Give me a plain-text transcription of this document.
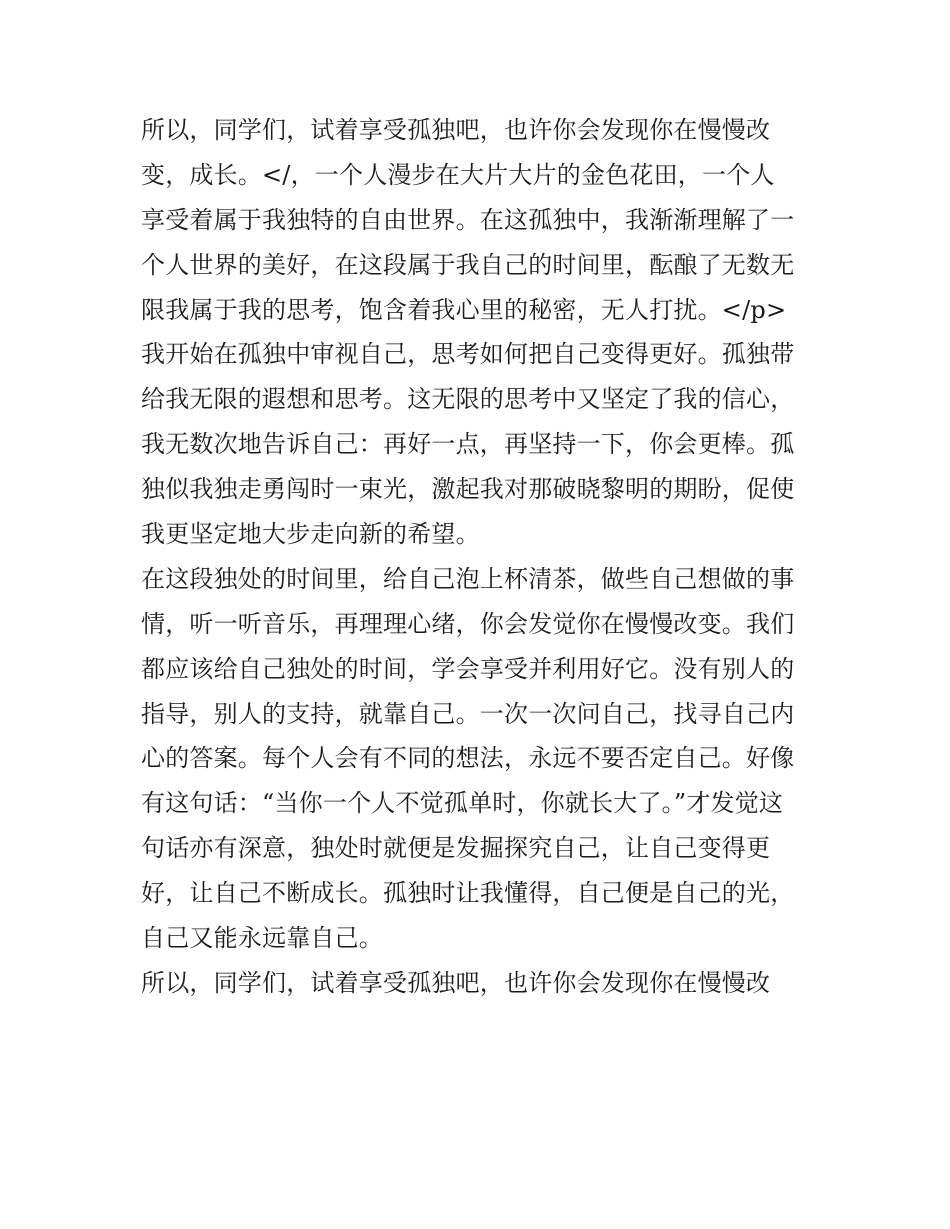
所以，同学们，试着享受孤独吧，也许你会发现你在慢慢改
变，成长。</，一个人漫步在大片大片的金色花田，一个人
享受着属于我独特的自由世界。在这孤独中，我渐渐理解了一
个人世界的美好，在这段属于我自己的时间里，酝酿了无数无
限我属于我的思考，饱含着我心里的秘密，无人打扰。</p>
我开始在孤独中审视自己，思考如何把自己变得更好。孤独带
给我无限的遐想和思考。这无限的思考中又坚定了我的信心，
我无数次地告诉自己：再好一点，再坚持一下，你会更棒。孤
独似我独走勇闯时一束光，激起我对那破晓黎明的期盼，促使
我更坚定地大步走向新的希望。
在这段独处的时间里，给自己泡上杯清茶，做些自己想做的事
情，听一听音乐，再理理心绪，你会发觉你在慢慢改变。我们
都应该给自己独处的时间，学会享受并利用好它。没有别人的
指导，别人的支持，就靠自己。一次一次问自己，找寻自己内
心的答案。每个人会有不同的想法，永远不要否定自己。好像
有这句话：“当你一个人不觉孤单时，你就长大了。”才发觉这
句话亦有深意，独处时就便是发掘探究自己，让自己变得更
好，让自己不断成长。孤独时让我懂得，自己便是自己的光，
自己又能永远靠自己。
所以，同学们，试着享受孤独吧，也许你会发现你在慢慢改
